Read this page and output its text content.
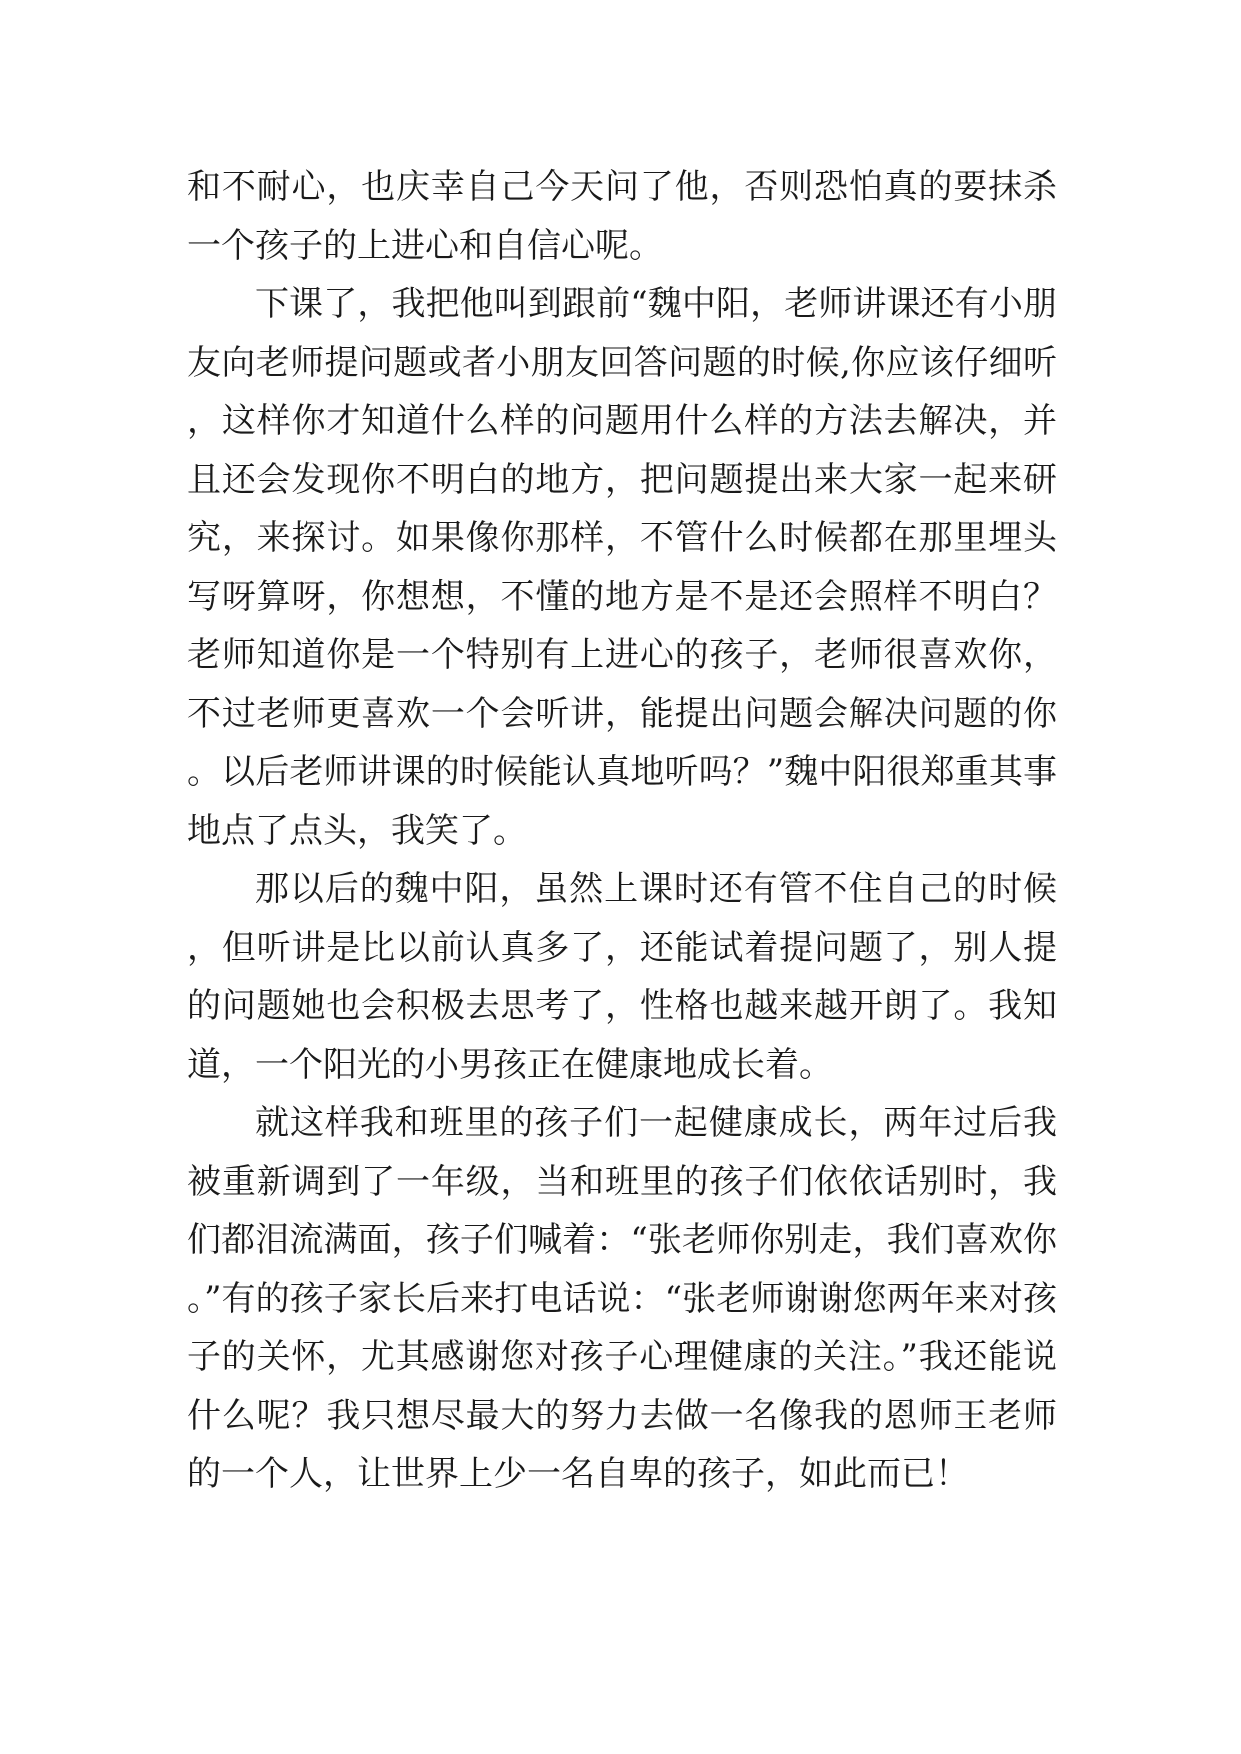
和不耐心，也庆幸自己今天问了他，否则恐怕真的要抹杀一个孩子的上进心和自信心呢。

下课了，我把他叫到跟前“魏中阳，老师讲课还有小朋友向老师提问题或者小朋友回答问题的时候,你应该仔细听，这样你才知道什么样的问题用什么样的方法去解决，并且还会发现你不明白的地方，把问题提出来大家一起来研究，来探讨。如果像你那样，不管什么时候都在那里埋头写呀算呀，你想想，不懂的地方是不是还会照样不明白？老师知道你是一个特别有上进心的孩子，老师很喜欢你，不过老师更喜欢一个会听讲，能提出问题会解决问题的你。以后老师讲课的时候能认真地听吗？”魏中阳很郑重其事地点了点头，我笑了。

那以后的魏中阳，虽然上课时还有管不住自己的时候，但听讲是比以前认真多了，还能试着提问题了，别人提的问题她也会积极去思考了，性格也越来越开朗了。我知道，一个阳光的小男孩正在健康地成长着。

就这样我和班里的孩子们一起健康成长，两年过后我被重新调到了一年级，当和班里的孩子们依依话别时，我们都泪流满面，孩子们喊着：“张老师你别走，我们喜欢你。”有的孩子家长后来打电话说：“张老师谢谢您两年来对孩子的关怀，尤其感谢您对孩子心理健康的关注。”我还能说什么呢？我只想尽最大的努力去做一名像我的恩师王老师的一个人，让世界上少一名自卑的孩子，如此而已！
